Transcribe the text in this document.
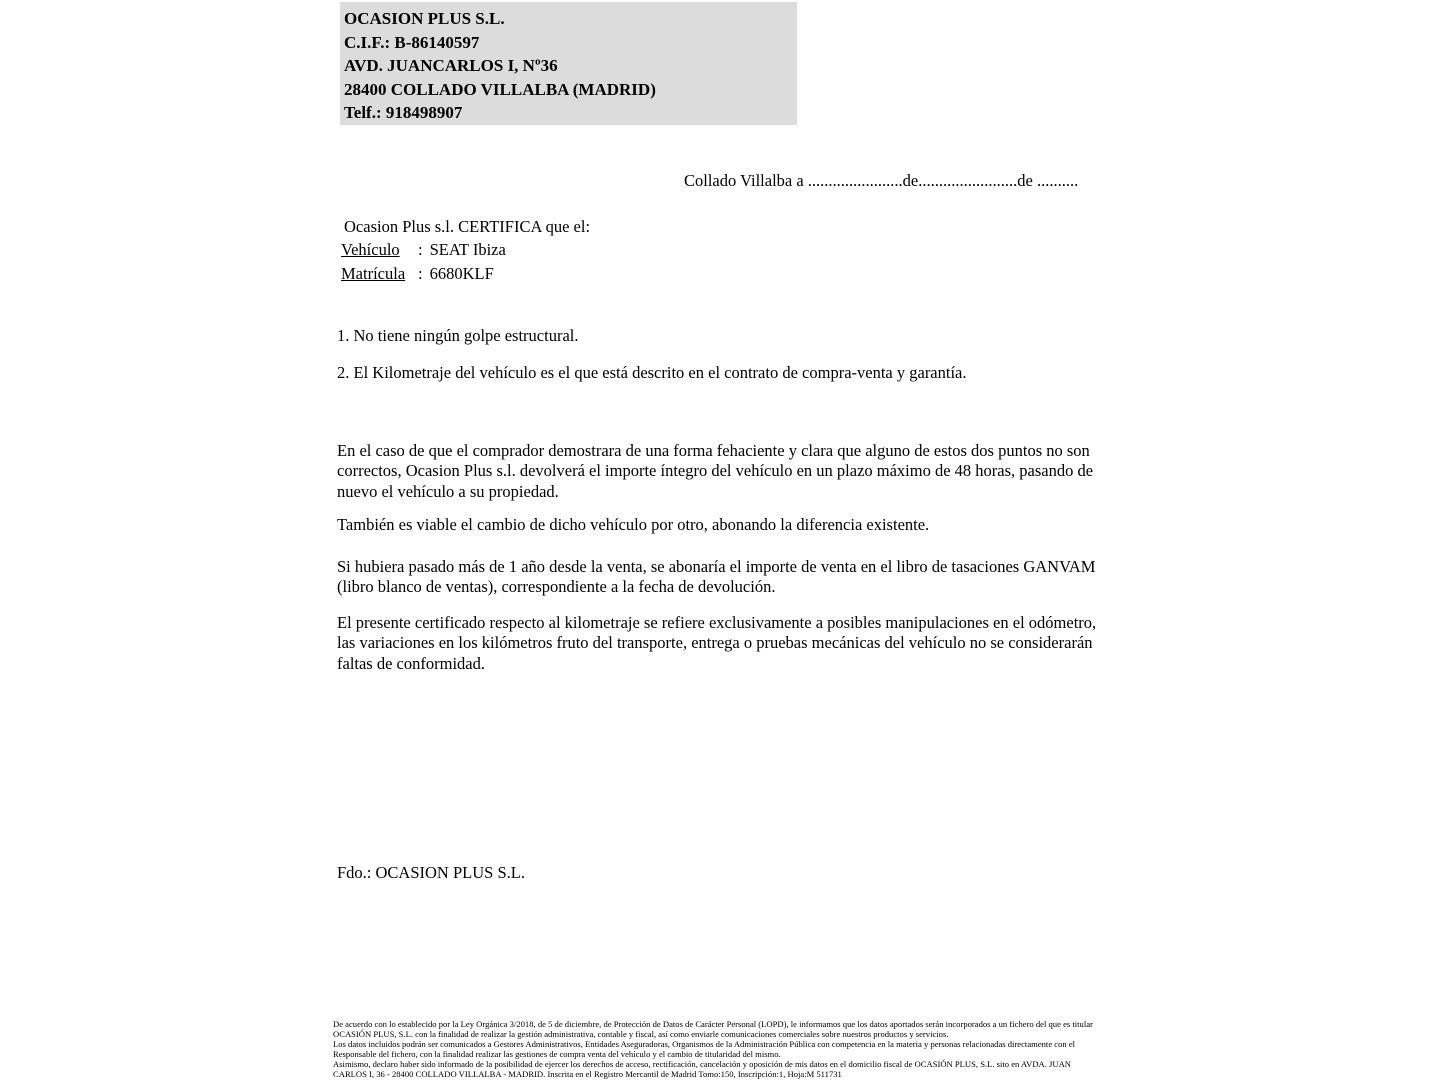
OCASION PLUS S.L.
C.I.F.: B-86140597
AVD. JUANCARLOS I, Nº36
28400 COLLADO VILLALBA (MADRID)
Telf.: 918498907
Collado Villalba a .......................de........................de ..........
Ocasion Plus s.l. CERTIFICA que el:
Vehículo : SEAT Ibiza
Matrícula : 6680KLF
1. No tiene ningún golpe estructural.
2. El Kilometraje del vehículo es el que está descrito en el contrato de compra-venta y garantía.
En el caso de que el comprador demostrara de una forma fehaciente y clara que alguno de estos dos puntos no son correctos, Ocasion Plus s.l. devolverá el importe íntegro del vehículo en un plazo máximo de 48 horas, pasando de nuevo el vehículo a su propiedad.
También es viable el cambio de dicho vehículo por otro, abonando la diferencia existente.
Si hubiera pasado más de 1 año desde la venta, se abonaría el importe de venta en el libro de tasaciones GANVAM (libro blanco de ventas), correspondiente a la fecha de devolución.
El presente certificado respecto al kilometraje se refiere exclusivamente a posibles manipulaciones en el odómetro, las variaciones en los kilómetros fruto del transporte, entrega o pruebas mecánicas del vehículo no se considerarán faltas de conformidad.
Fdo.: OCASION PLUS S.L.

De acuerdo con lo establecido por la Ley Orgánica 3/2018, de 5 de diciembre, de Protección de Datos de Carácter Personal (LOPD), le informamos que los datos aportados serán incorporados a un fichero del que es titular OCASIÓN PLUS, S.L. con la finalidad de realizar la gestión administrativa, contable y fiscal, así como enviarle comunicaciones comerciales sobre nuestros productos y servicios.

Los datos incluidos podrán ser comunicados a Gestores Administrativos, Entidades Aseguradoras, Organismos de la Administración Pública con competencia en la materia y personas relacionadas directamente con el Responsable del fichero, con la finalidad realizar las gestiones de compra venta del vehículo y el cambio de titularidad del mismo.

Asimismo, declaro haber sido informado de la posibilidad de ejercer los derechos de acceso, rectificación, cancelación y oposición de mis datos en el domicilio fiscal de OCASIÓN PLUS, S.L. sito en AVDA. JUAN CARLOS I, 36 - 28400 COLLADO VILLALBA - MADRID. Inscrita en el Registro Mercantil de Madrid Tomo:150, Inscripción:1, Hoja:M 511731
